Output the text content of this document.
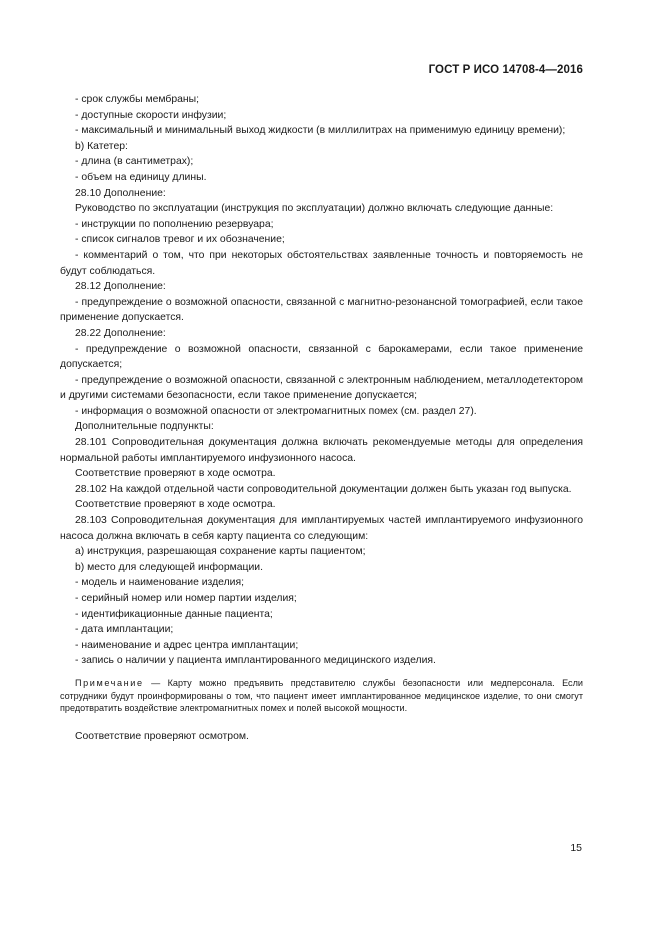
ГОСТ Р ИСО 14708-4—2016

- срок службы мембраны;

- доступные скорости инфузии;

- максимальный и минимальный выход жидкости (в миллилитрах на применимую единицу времени);

b) Катетер:

- длина (в сантиметрах);

- объем на единицу длины.

28.10 Дополнение:

Руководство по эксплуатации (инструкция по эксплуатации) должно включать следующие данные:

- инструкции по пополнению резервуара;

- список сигналов тревог и их обозначение;

- комментарий о том, что при некоторых обстоятельствах заявленные точность и повторяемость не будут соблюдаться.

28.12 Дополнение:

- предупреждение о возможной опасности, связанной с магнитно-резонансной томографией, если такое применение допускается.

28.22 Дополнение:

- предупреждение о возможной опасности, связанной с барокамерами, если такое применение допускается;

- предупреждение о возможной опасности, связанной с электронным наблюдением, металлодетектором и другими системами безопасности, если такое применение допускается;

- информация о возможной опасности от электромагнитных помех (см. раздел 27).

Дополнительные подпункты:

28.101 Сопроводительная документация должна включать рекомендуемые методы для определения нормальной работы имплантируемого инфузионного насоса.

Соответствие проверяют в ходе осмотра.

28.102 На каждой отдельной части сопроводительной документации должен быть указан год выпуска.

Соответствие проверяют в ходе осмотра.

28.103 Сопроводительная документация для имплантируемых частей имплантируемого инфузионного насоса должна включать в себя карту пациента со следующим:

a) инструкция, разрешающая сохранение карты пациентом;

b) место для следующей информации.

- модель и наименование изделия;

- серийный номер или номер партии изделия;

- идентификационные данные пациента;

- дата имплантации;

- наименование и адрес центра имплантации;

- запись о наличии у пациента имплантированного медицинского изделия.

Примечание — Карту можно предъявить представителю службы безопасности или медперсонала. Если сотрудники будут проинформированы о том, что пациент имеет имплантированное медицинское изделие, то они смогут предотвратить воздействие электромагнитных помех и полей высокой мощности.

Соответствие проверяют осмотром.

15
